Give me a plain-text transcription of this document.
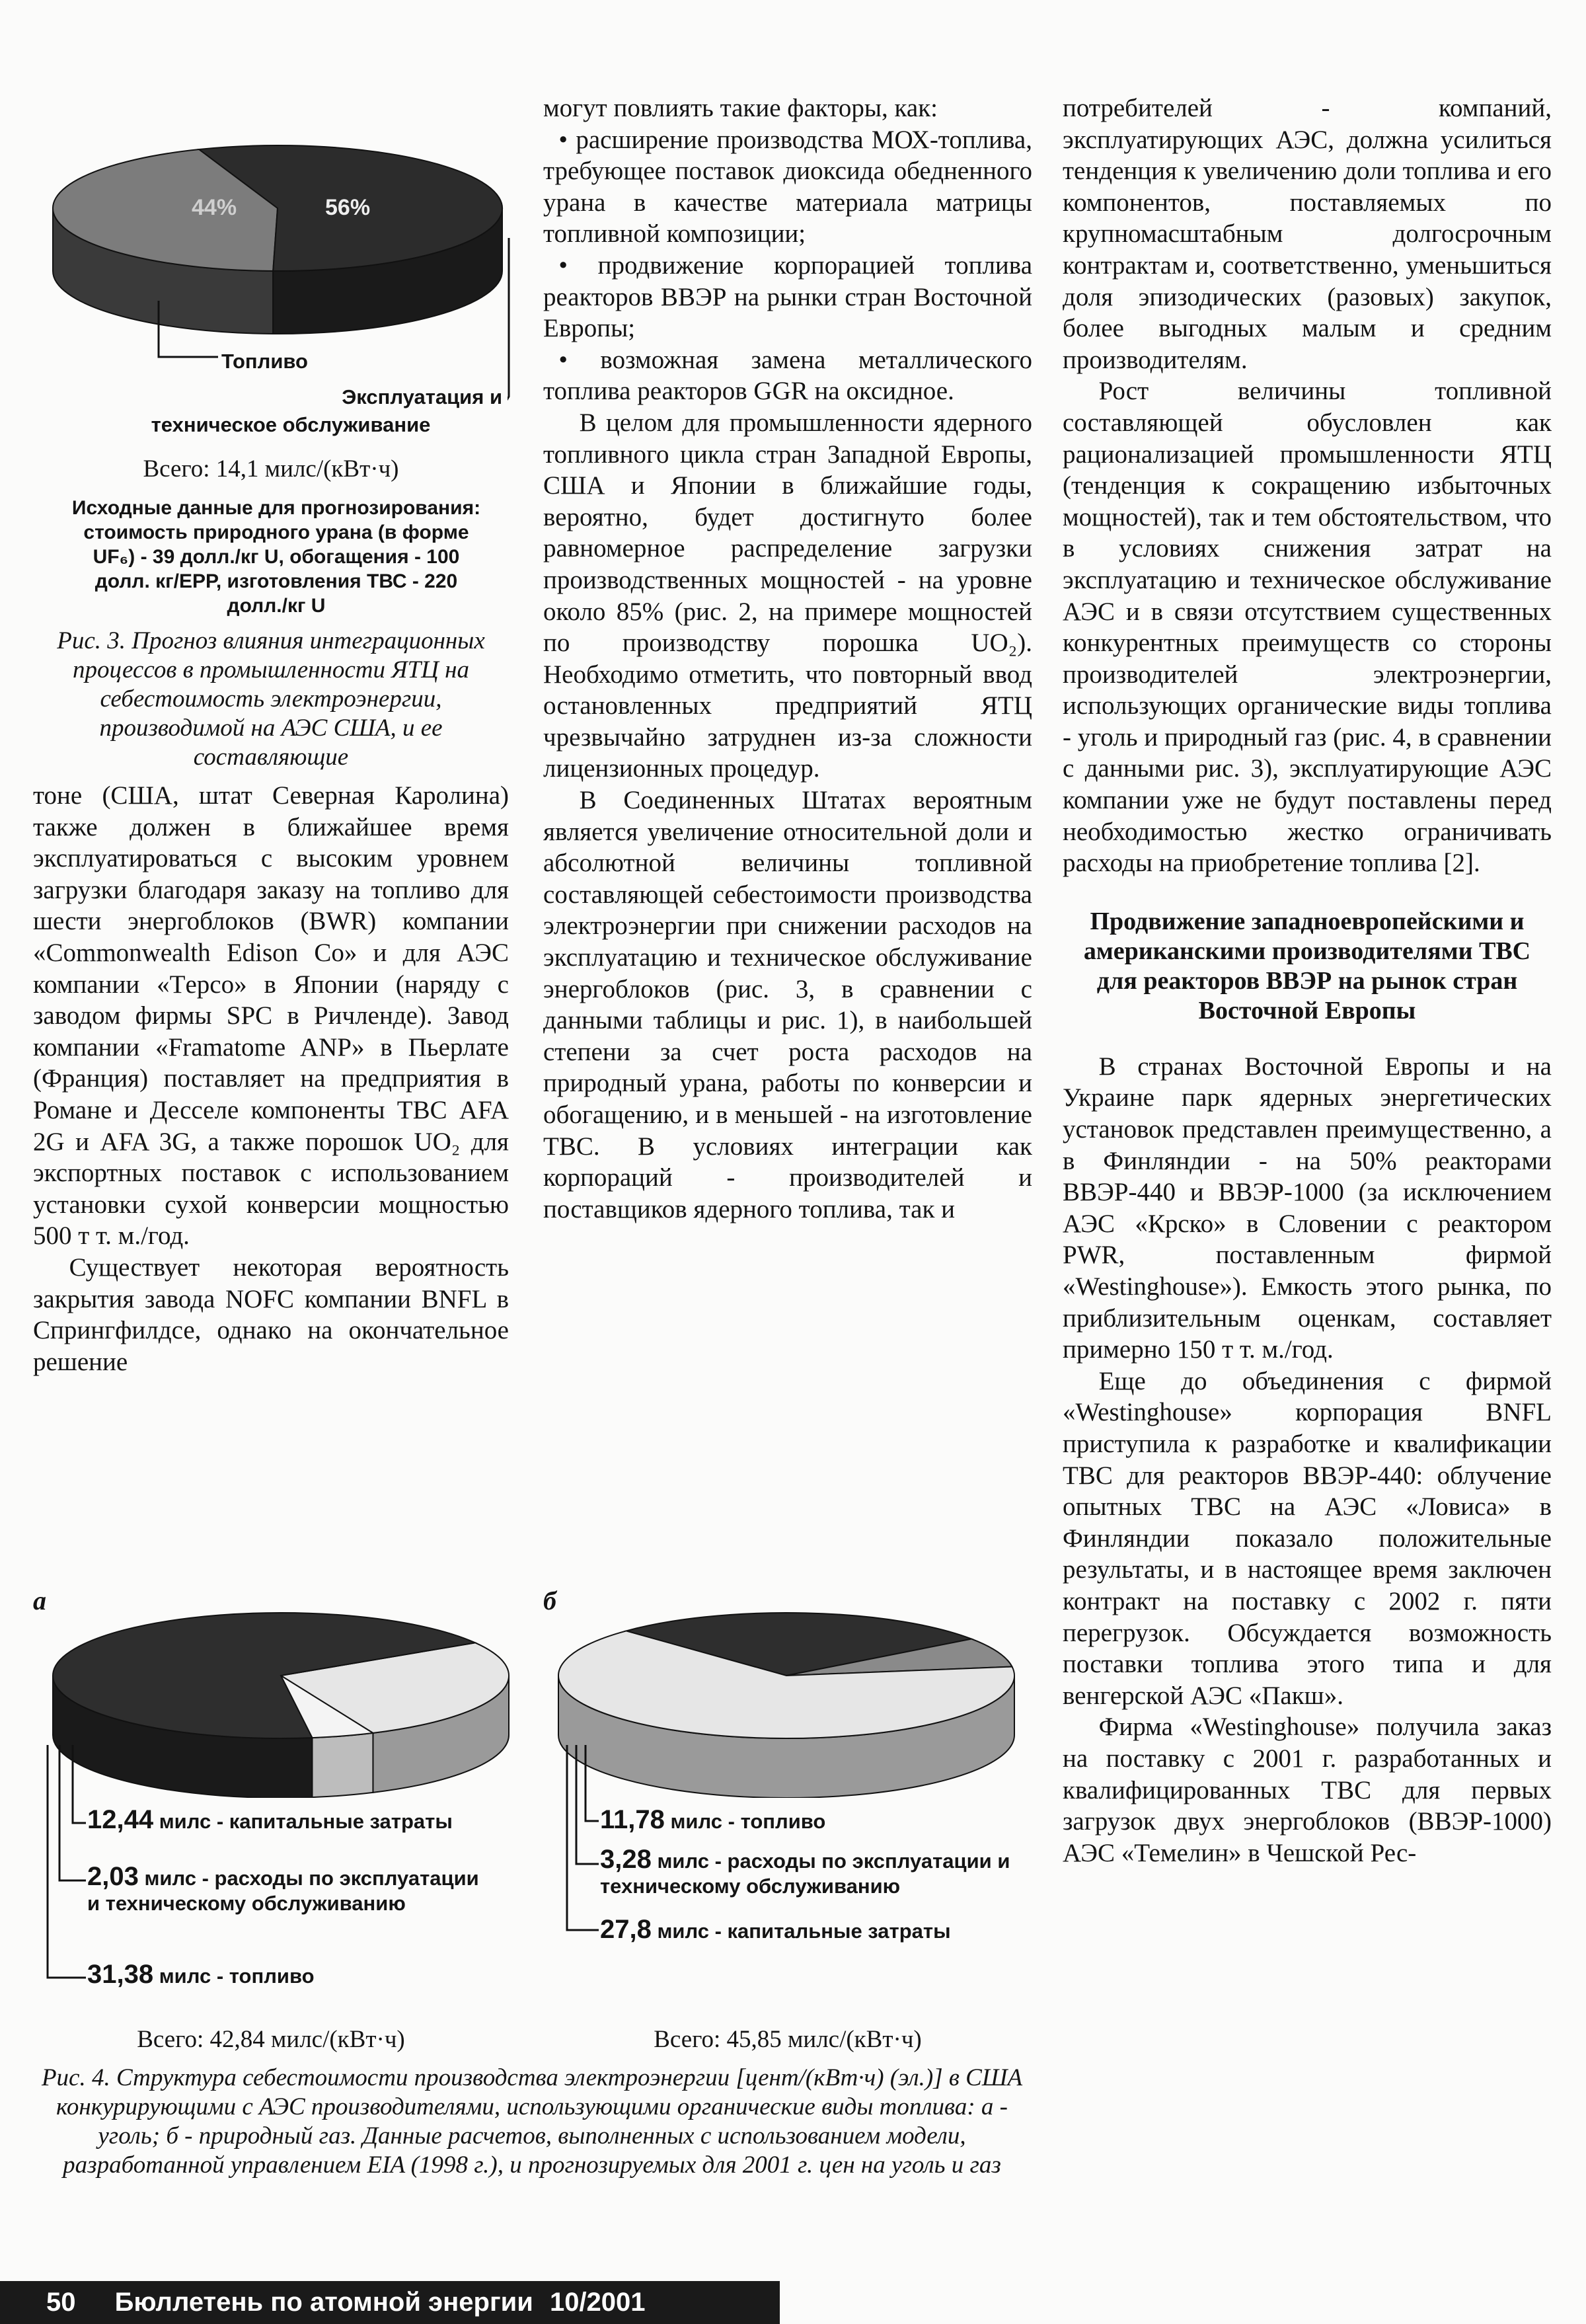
44%	56%
Топливо
Эксплуатация и
техническое обслуживание
Всего: 14,1 милс/(кВт·ч)
Исходные данные для прогнозирования: стоимость природного урана (в форме UF₆) - 39 долл./кг U, обогащения - 100 долл. кг/ЕРР, изготовления ТВС - 220 долл./кг U
Рис. 3. Прогноз влияния интеграционных процессов в промышленности ЯТЦ на себестоимость электроэнергии, производимой на АЭС США, и ее составляющие

тоне (США, штат Северная Каролина) также должен в ближайшее время эксплуатироваться с высоким уровнем загрузки благодаря заказу на топливо для шести энергоблоков (BWR) компании «Commonwealth Edison Co» и для АЭС компании «Тepco» в Японии (наряду с заводом фирмы SPC в Ричленде). Завод компании «Framatome ANP» в Пьерлате (Франция) поставляет на предприятия в Романе и Десселе компоненты ТВС AFA 2G и AFA 3G, а также порошок UO₂ для экспортных поставок с использованием установки сухой конверсии мощностью 500 т т. м./год.

Существует некоторая вероятность закрытия завода NOFC компании BNFL в Спрингфилдсе, однако на окончательное решение

могут повлиять такие факторы, как:

• расширение производства МОХ-топлива, требующее поставок диоксида обедненного урана в качестве материала матрицы топливной композиции;
• продвижение корпорацией топлива реакторов ВВЭР на рынки стран Восточной Европы;
• возможная замена металлического топлива реакторов GGR на оксидное.

В целом для промышленности ядерного топливного цикла стран Западной Европы, США и Японии в ближайшие годы, вероятно, будет достигнуто более равномерное распределение загрузки производственных мощностей - на уровне около 85% (рис. 2, на примере мощностей по производству порошка UO₂). Необходимо отметить, что повторный ввод остановленных предприятий ЯТЦ чрезвычайно затруднен из-за сложности лицензионных процедур.

В Соединенных Штатах вероятным является увеличение относительной доли и абсолютной величины топливной составляющей себестоимости производства электроэнергии при снижении расходов на эксплуатацию и техническое обслуживание энергоблоков (рис. 3, в сравнении с данными таблицы и рис. 1), в наибольшей степени за счет роста расходов на природный урана, работы по конверсии и обогащению, и в меньшей - на изготовление ТВС. В условиях интеграции как корпораций - производителей и поставщиков ядерного топлива, так и

потребителей - компаний, эксплуатирующих АЭС, должна усилиться тенденция к увеличению доли топлива и его компонентов, поставляемых по крупномасштабным долгосрочным контрактам и, соответственно, уменьшиться доля эпизодических (разовых) закупок, более выгодных малым и средним производителям.

Рост величины топливной составляющей обусловлен как рационализацией промышленности ЯТЦ (тенденция к сокращению избыточных мощностей), так и тем обстоятельством, что в условиях снижения затрат на эксплуатацию и техническое обслуживание АЭС и в связи отсутствием существенных конкурентных преимуществ со стороны производителей электроэнергии, использующих органические виды топлива - уголь и природный газ (рис. 4, в сравнении с данными рис. 3), эксплуатирующие АЭС компании уже не будут поставлены перед необходимостью жестко ограничивать расходы на приобретение топлива [2].

Продвижение западноевропейскими и американскими производителями ТВС для реакторов ВВЭР на рынок стран Восточной Европы

В странах Восточной Европы и на Украине парк ядерных энергетических установок представлен преимущественно, а в Финляндии - на 50% реакторами ВВЭР-440 и ВВЭР-1000 (за исключением АЭС «Крско» в Словении с реактором PWR, поставленным фирмой «Westinghouse»). Емкость этого рынка, по приблизительным оценкам, составляет примерно 150 т т. м./год.

Еще до объединения с фирмой «Westinghouse» корпорация BNFL приступила к разработке и квалификации ТВС для реакторов ВВЭР-440: облучение опытных ТВС на АЭС «Ловиса» в Финляндии показало положительные результаты, и в настоящее время заключен контракт на поставку с 2002 г. пяти перегрузок. Обсуждается возможность поставки топлива этого типа и для венгерской АЭС «Пакш».

Фирма «Westinghouse» получила заказ на поставку с 2001 г. разработанных и квалифицированных ТВС для первых загрузок двух энергоблоков (ВВЭР-1000) АЭС «Темелин» в Чешской Рес-

а	б
12,44 милс - капитальные затраты
2,03 милс - расходы по эксплуатации и техническому обслуживанию
31,38 милс - топливо
11,78 милс - топливо
3,28 милс - расходы по эксплуатации и техническому обслуживанию
27,8 милс - капитальные затраты
Всего: 42,84 милс/(кВт·ч)	Всего: 45,85 милс/(кВт·ч)
Рис. 4. Структура себестоимости производства электроэнергии [цент/(кВт·ч) (эл.)] в США конкурирующими с АЭС производителями, использующими органические виды топлива: а - уголь; б - природный газ. Данные расчетов, выполненных с использованием модели, разработанной управлением EIA (1998 г.), и прогнозируемых для 2001 г. цен на уголь и газ
50 Бюллетень по атомной энергии 10/2001
